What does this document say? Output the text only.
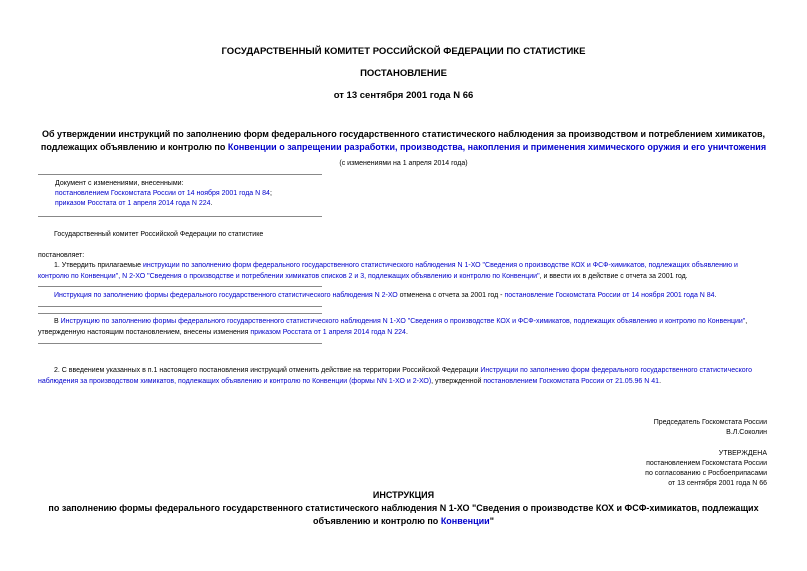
ГОСУДАРСТВЕННЫЙ КОМИТЕТ РОССИЙСКОЙ ФЕДЕРАЦИИ ПО СТАТИСТИКЕ
ПОСТАНОВЛЕНИЕ
от 13 сентября 2001 года N 66
Об утверждении инструкций по заполнению форм федерального государственного статистического наблюдения за производством и потреблением химикатов,
подлежащих объявлению и контролю по Конвенции о запрещении разработки, производства, накопления и применения химического оружия и его уничтожения
(с изменениями на 1 апреля 2014 года)
Документ с изменениями, внесенными:
постановлением Госкомстата России от 14 ноября 2001 года N 84;
приказом Росстата от 1 апреля 2014 года N 224.
Государственный комитет Российской Федерации по статистике
постановляет:
1. Утвердить прилагаемые инструкции по заполнению форм федерального государственного статистического наблюдения N 1-ХО "Сведения о производстве КОХ и ФСФ-химикатов, подлежащих объявлению и контролю по Конвенции", N 2-ХО "Сведения о производстве и потреблении химикатов списков 2 и 3, подлежащих объявлению и контролю по Конвенции", и ввести их в действие с отчета за 2001 год.
Инструкция по заполнению формы федерального государственного статистического наблюдения N 2-ХО отменена с отчета за 2001 год - постановление Госкомстата России от 14 ноября 2001 года N 84.
В Инструкцию по заполнению формы федерального государственного статистического наблюдения N 1-ХО "Сведения о производстве КОХ и ФСФ-химикатов, подлежащих объявлению и контролю по Конвенции", утвержденную настоящим постановлением, внесены изменения приказом Росстата от 1 апреля 2014 года N 224.
2. С введением указанных в п.1 настоящего постановления инструкций отменить действие на территории Российской Федерации Инструкции по заполнению форм федерального государственного статистического наблюдения за производством химикатов, подлежащих объявлению и контролю по Конвенции (формы NN 1-ХО и 2-ХО), утвержденной постановлением Госкомстата России от 21.05.96 N 41.
Председатель Госкомстата России
В.Л.Соколин
УТВЕРЖДЕНА
постановлением Госкомстата России
по согласованию с Росбоеприпасами
от 13 сентября 2001 года N 66
ИНСТРУКЦИЯ
по заполнению формы федерального государственного статистического наблюдения N 1-ХО "Сведения о производстве КОХ и ФСФ-химикатов, подлежащих
объявлению и контролю по Конвенции"
